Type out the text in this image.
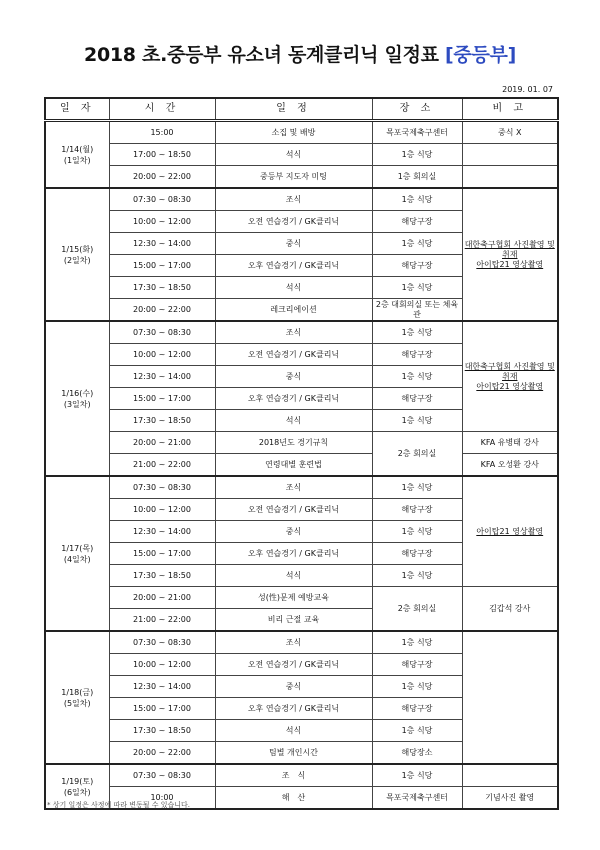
2018 초.중등부 유소녀 동계클리닉 일정표 [중등부]
2019. 01. 07
일 자	시 간	일 정	장 소	비 고
1/14(월)
(1일차)	15:00	소집 및 배방	목포국제축구센터	중식 X
	17:00 ~ 18:50	석식	1층 식당	
	20:00 ~ 22:00	중등부 지도자 미팅	1층 회의실	
1/15(화)
(2일차)	07:30 ~ 08:30	조식	1층 식당	대한축구협회 사진촬영 및 취재
아이탑21 영상촬영
	10:00 ~ 12:00	오전 연습경기 / GK클리닉	해당구장	
	12:30 ~ 14:00	중식	1층 식당	
	15:00 ~ 17:00	오후 연습경기 / GK클리닉	해당구장	
	17:30 ~ 18:50	석식	1층 식당	
	20:00 ~ 22:00	레크리에이션	2층 대회의실 또는 체육관	
1/16(수)
(3일차)	07:30 ~ 08:30	조식	1층 식당	대한축구협회 사진촬영 및 취재
아이탑21 영상촬영
	10:00 ~ 12:00	오전 연습경기 / GK클리닉	해당구장	
	12:30 ~ 14:00	중식	1층 식당	
	15:00 ~ 17:00	오후 연습경기 / GK클리닉	해당구장	
	17:30 ~ 18:50	석식	1층 식당	
	20:00 ~ 21:00	2018년도 경기규칙	2층 회의실	KFA 유병태 강사
	21:00 ~ 22:00	연령대별 훈련법		KFA 오성환 강사
1/17(목)
(4일차)	07:30 ~ 08:30	조식	1층 식당	아이탑21 영상촬영
	10:00 ~ 12:00	오전 연습경기 / GK클리닉	해당구장	
	12:30 ~ 14:00	중식	1층 식당	
	15:00 ~ 17:00	오후 연습경기 / GK클리닉	해당구장	
	17:30 ~ 18:50	석식	1층 식당	
	20:00 ~ 21:00	성(性)문제 예방교육	2층 회의실	김갑석 강사
	21:00 ~ 22:00	비리 근절 교육		
1/18(금)
(5일차)	07:30 ~ 08:30	조식	1층 식당	
	10:00 ~ 12:00	오전 연습경기 / GK클리닉	해당구장	
	12:30 ~ 14:00	중식	1층 식당	
	15:00 ~ 17:00	오후 연습경기 / GK클리닉	해당구장	
	17:30 ~ 18:50	석식	1층 식당	
	20:00 ~ 22:00	팀별 개인시간	해당장소	
1/19(토)
(6일차)	07:30 ~ 08:30	조　식	1층 식당	
	10:00	해　산	목포국제축구센터	기념사진 촬영
* 상기 일정은 사정에 따라 변동될 수 있습니다.
